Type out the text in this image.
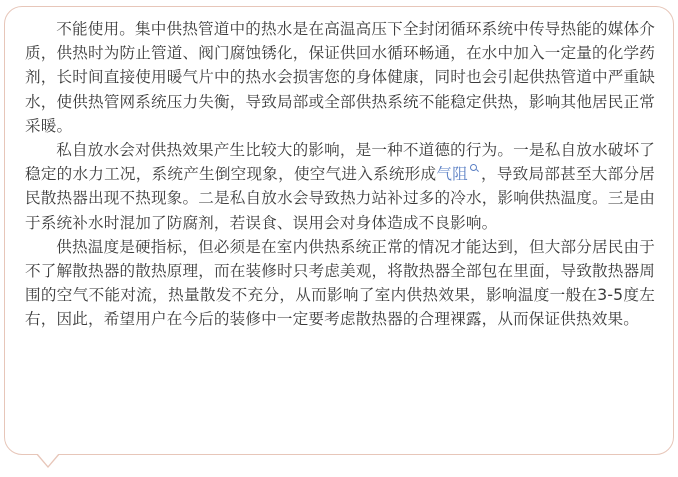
不能使用。集中供热管道中的热水是在高温高压下全封闭循环系统中传导热能的媒体介质，供热时为防止管道、阀门腐蚀锈化，保证供回水循环畅通，在水中加入一定量的化学药剂，长时间直接使用暖气片中的热水会损害您的身体健康，同时也会引起供热管道中严重缺水，使供热管网系统压力失衡，导致局部或全部供热系统不能稳定供热，影响其他居民正常采暖。

私自放水会对供热效果产生比较大的影响，是一种不道德的行为。一是私自放水破坏了稳定的水力工况，系统产生倒空现象，使空气进入系统形成气阻 ，导致局部甚至大部分居民散热器出现不热现象。二是私自放水会导致热力站补过多的冷水，影响供热温度。三是由于系统补水时混加了防腐剂，若误食、误用会对身体造成不良影响。

供热温度是硬指标，但必须是在室内供热系统正常的情况才能达到，但大部分居民由于不了解散热器的散热原理，而在装修时只考虑美观，将散热器全部包在里面，导致散热器周围的空气不能对流，热量散发不充分，从而影响了室内供热效果，影响温度一般在3-5度左右，因此，希望用户在今后的装修中一定要考虑散热器的合理裸露，从而保证供热效果。
